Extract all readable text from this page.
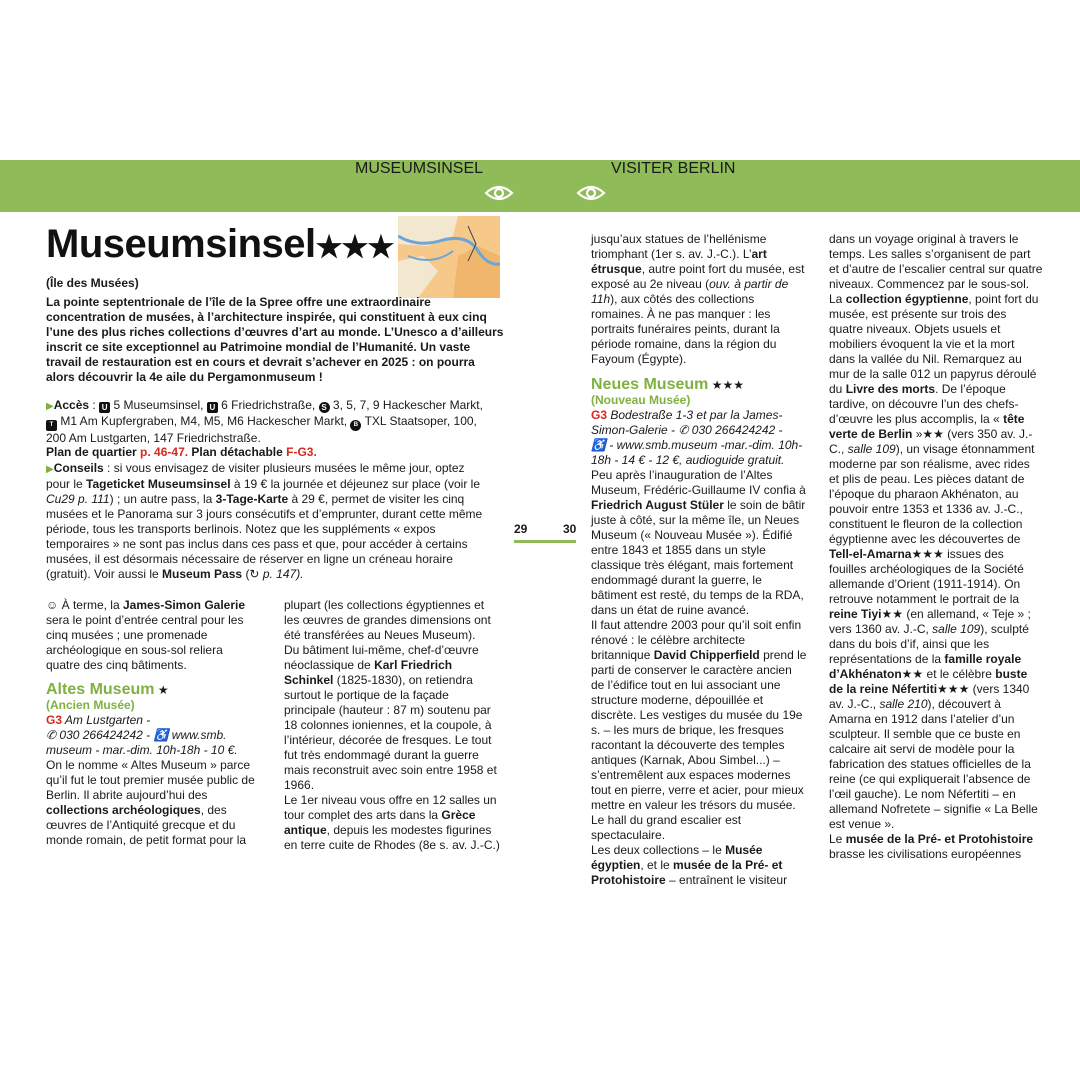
MUSEUMSINSEL	VISITER BERLIN
Museumsinsel★★★
(Île des Musées)
La pointe septentrionale de l’île de la Spree offre une extraordinaire concentration de musées, à l’architecture inspirée, qui constituent à eux cinq l’une des plus riches collections d’œuvres d’art au monde. L’Unesco a d’ailleurs inscrit ce site exceptionnel au Patrimoine mondial de l’Humanité. Un vaste travail de restauration est en cours et devrait s’achever en 2025 : on pourra alors découvrir la 4e aile du Pergamonmuseum !
▶Accès : U 5 Museumsinsel, U 6 Friedrichstraße, S 3, 5, 7, 9 Hackescher Markt, T M1 Am Kupfergraben, M4, M5, M6 Hackescher Markt, B TXL Staatsoper, 100, 200 Am Lustgarten, 147 Friedrichstraße.
Plan de quartier p. 46-47. Plan détachable F-G3.
▶Conseils : si vous envisagez de visiter plusieurs musées le même jour, optez pour le Tageticket Museumsinsel à 19 € la journée et déjeunez sur place (voir le Cu29 p. 111) ; un autre pass, la 3-Tage-Karte à 29 €, permet de visiter les cinq musées et le Panorama sur 3 jours consécutifs et d’emprunter, durant cette même période, tous les transports berlinois. Notez que les suppléments « expos temporaires » ne sont pas inclus dans ces pass et que, pour accéder à certains musées, il est désormais nécessaire de réserver en ligne un créneau horaire (gratuit). Voir aussi le Museum Pass (↻ p. 147).

☺ À terme, la James-Simon Galerie sera le point d’entrée central pour les cinq musées ; une promenade archéologique en sous-sol reliera quatre des cinq bâtiments.

Altes Museum ★

(Ancien Musée)

G3 Am Lustgarten -
✆ 030 266424242 - ♿ www.smb. museum - mar.-dim. 10h-18h - 10 €.

On le nomme « Altes Museum » parce qu’il fut le tout premier musée public de Berlin. Il abrite aujourd’hui des collections archéologiques, des œuvres de l’Antiquité grecque et du monde romain, de petit format pour la

plupart (les collections égyptiennes et les œuvres de grandes dimensions ont été transférées au Neues Museum).

Du bâtiment lui-même, chef-d’œuvre néoclassique de Karl Friedrich Schinkel (1825-1830), on retiendra surtout le portique de la façade principale (hauteur : 87 m) soutenu par 18 colonnes ioniennes, et la coupole, à l’intérieur, décorée de fresques. Le tout fut très endommagé durant la guerre mais reconstruit avec soin entre 1958 et 1966.

Le 1er niveau vous offre en 12 salles un tour complet des arts dans la Grèce antique, depuis les modestes figurines en terre cuite de Rhodes (8e s. av. J.-C.)

29	30

jusqu’aux statues de l’hellénisme triomphant (1er s. av. J.-C.). L’art étrusque, autre point fort du musée, est exposé au 2e niveau (ouv. à partir de 11h), aux côtés des collections romaines. À ne pas manquer : les portraits funéraires peints, durant la période romaine, dans la région du Fayoum (Égypte).

Neues Museum ★★★

(Nouveau Musée)

G3 Bodestraße 1-3 et par la James-Simon-Galerie - ✆ 030 266424242 -
♿ - www.smb.museum -mar.-dim. 10h-18h - 14 € - 12 €, audioguide gratuit.

Peu après l’inauguration de l’Altes Museum, Frédéric-Guillaume IV confia à Friedrich August Stüler le soin de bâtir juste à côté, sur la même île, un Neues Museum (« Nouveau Musée »). Édifié entre 1843 et 1855 dans un style classique très élégant, mais fortement endommagé durant la guerre, le bâtiment est resté, du temps de la RDA, dans un état de ruine avancé.

Il faut attendre 2003 pour qu’il soit enfin rénové : le célèbre architecte britannique David Chipperfield prend le parti de conserver le caractère ancien de l’édifice tout en lui associant une structure moderne, dépouillée et discrète. Les vestiges du musée du 19e s. – les murs de brique, les fresques racontant la découverte des temples antiques (Karnak, Abou Simbel...) – s’entremêlent aux espaces modernes tout en pierre, verre et acier, pour mieux mettre en valeur les trésors du musée. Le hall du grand escalier est spectaculaire.

Les deux collections – le Musée égyptien, et le musée de la Pré- et Protohistoire – entraînent le visiteur

dans un voyage original à travers le temps. Les salles s’organisent de part et d’autre de l’escalier central sur quatre niveaux. Commencez par le sous-sol.

La collection égyptienne, point fort du musée, est présente sur trois des quatre niveaux. Objets usuels et mobiliers évoquent la vie et la mort dans la vallée du Nil. Remarquez au mur de la salle 012 un papyrus déroulé du Livre des morts. De l’époque tardive, on découvre l’un des chefs-d’œuvre les plus accomplis, la « tête verte de Berlin »★★ (vers 350 av. J.-C., salle 109), un visage étonnamment moderne par son réalisme, avec rides et plis de peau. Les pièces datant de l’époque du pharaon Akhénaton, au pouvoir entre 1353 et 1336 av. J.-C., constituent le fleuron de la collection égyptienne avec les découvertes de Tell-el-Amarna★★★ issues des fouilles archéologiques de la Société allemande d’Orient (1911-1914). On retrouve notamment le portrait de la reine Tiyi★★ (en allemand, « Teje » ; vers 1360 av. J.-C, salle 109), sculpté dans du bois d’if, ainsi que les représentations de la famille royale d’Akhénaton★★ et le célèbre buste de la reine Néfertiti★★★ (vers 1340 av. J.-C., salle 210), découvert à Amarna en 1912 dans l’atelier d’un sculpteur. Il semble que ce buste en calcaire ait servi de modèle pour la fabrication des statues officielles de la reine (ce qui expliquerait l’absence de l’œil gauche). Le nom Néfertiti – en allemand Nofretete – signifie « La Belle est venue ».

Le musée de la Pré- et Protohistoire brasse les civilisations européennes
